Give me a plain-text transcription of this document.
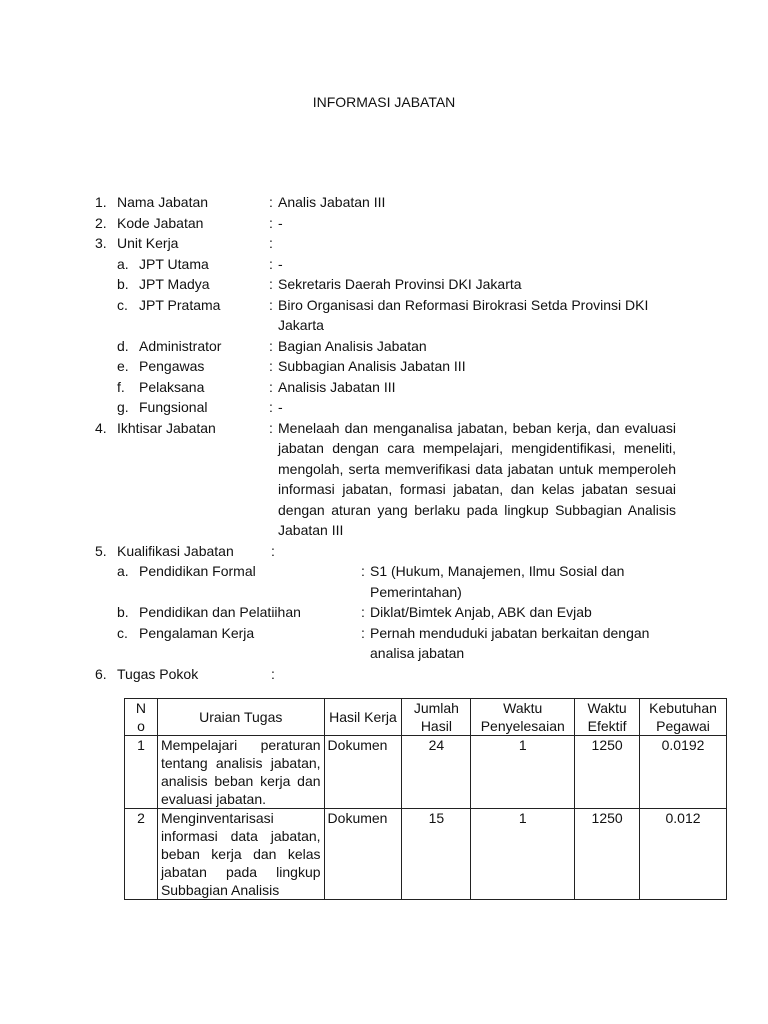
INFORMASI JABATAN
1. Nama Jabatan	: Analis Jabatan III
2. Kode Jabatan	: -
3. Unit Kerja	:
a. JPT Utama	: -
b. JPT Madya	: Sekretaris Daerah Provinsi DKI Jakarta
c. JPT Pratama	: Biro Organisasi dan Reformasi Birokrasi Setda Provinsi DKI Jakarta
d. Administrator	: Bagian Analisis Jabatan
e. Pengawas	: Subbagian Analisis Jabatan III
f. Pelaksana	: Analisis Jabatan III
g. Fungsional	: -
4. Ikhtisar Jabatan	: Menelaah dan menganalisa jabatan, beban kerja, dan evaluasi jabatan dengan cara mempelajari, mengidentifikasi, meneliti, mengolah, serta memverifikasi data jabatan untuk memperoleh informasi jabatan, formasi jabatan, dan kelas jabatan sesuai dengan aturan yang berlaku pada lingkup Subbagian Analisis Jabatan III
5. Kualifikasi Jabatan	:
a. Pendidikan Formal	: S1 (Hukum, Manajemen, Ilmu Sosial dan Pemerintahan)
b. Pendidikan dan Pelatiihan	: Diklat/Bimtek Anjab, ABK dan Evjab
c. Pengalaman Kerja	: Pernah menduduki jabatan berkaitan dengan analisa jabatan
6. Tugas Pokok	:
No	Uraian Tugas	Hasil Kerja	Jumlah Hasil	Waktu Penyelesaian	Waktu Efektif	Kebutuhan Pegawai
1	Mempelajari peraturan tentang analisis jabatan, analisis beban kerja dan evaluasi jabatan.	Dokumen	24	1	1250	0.0192
2	Menginventarisasi informasi data jabatan, beban kerja dan kelas jabatan pada lingkup Subbagian Analisis	Dokumen	15	1	1250	0.012
